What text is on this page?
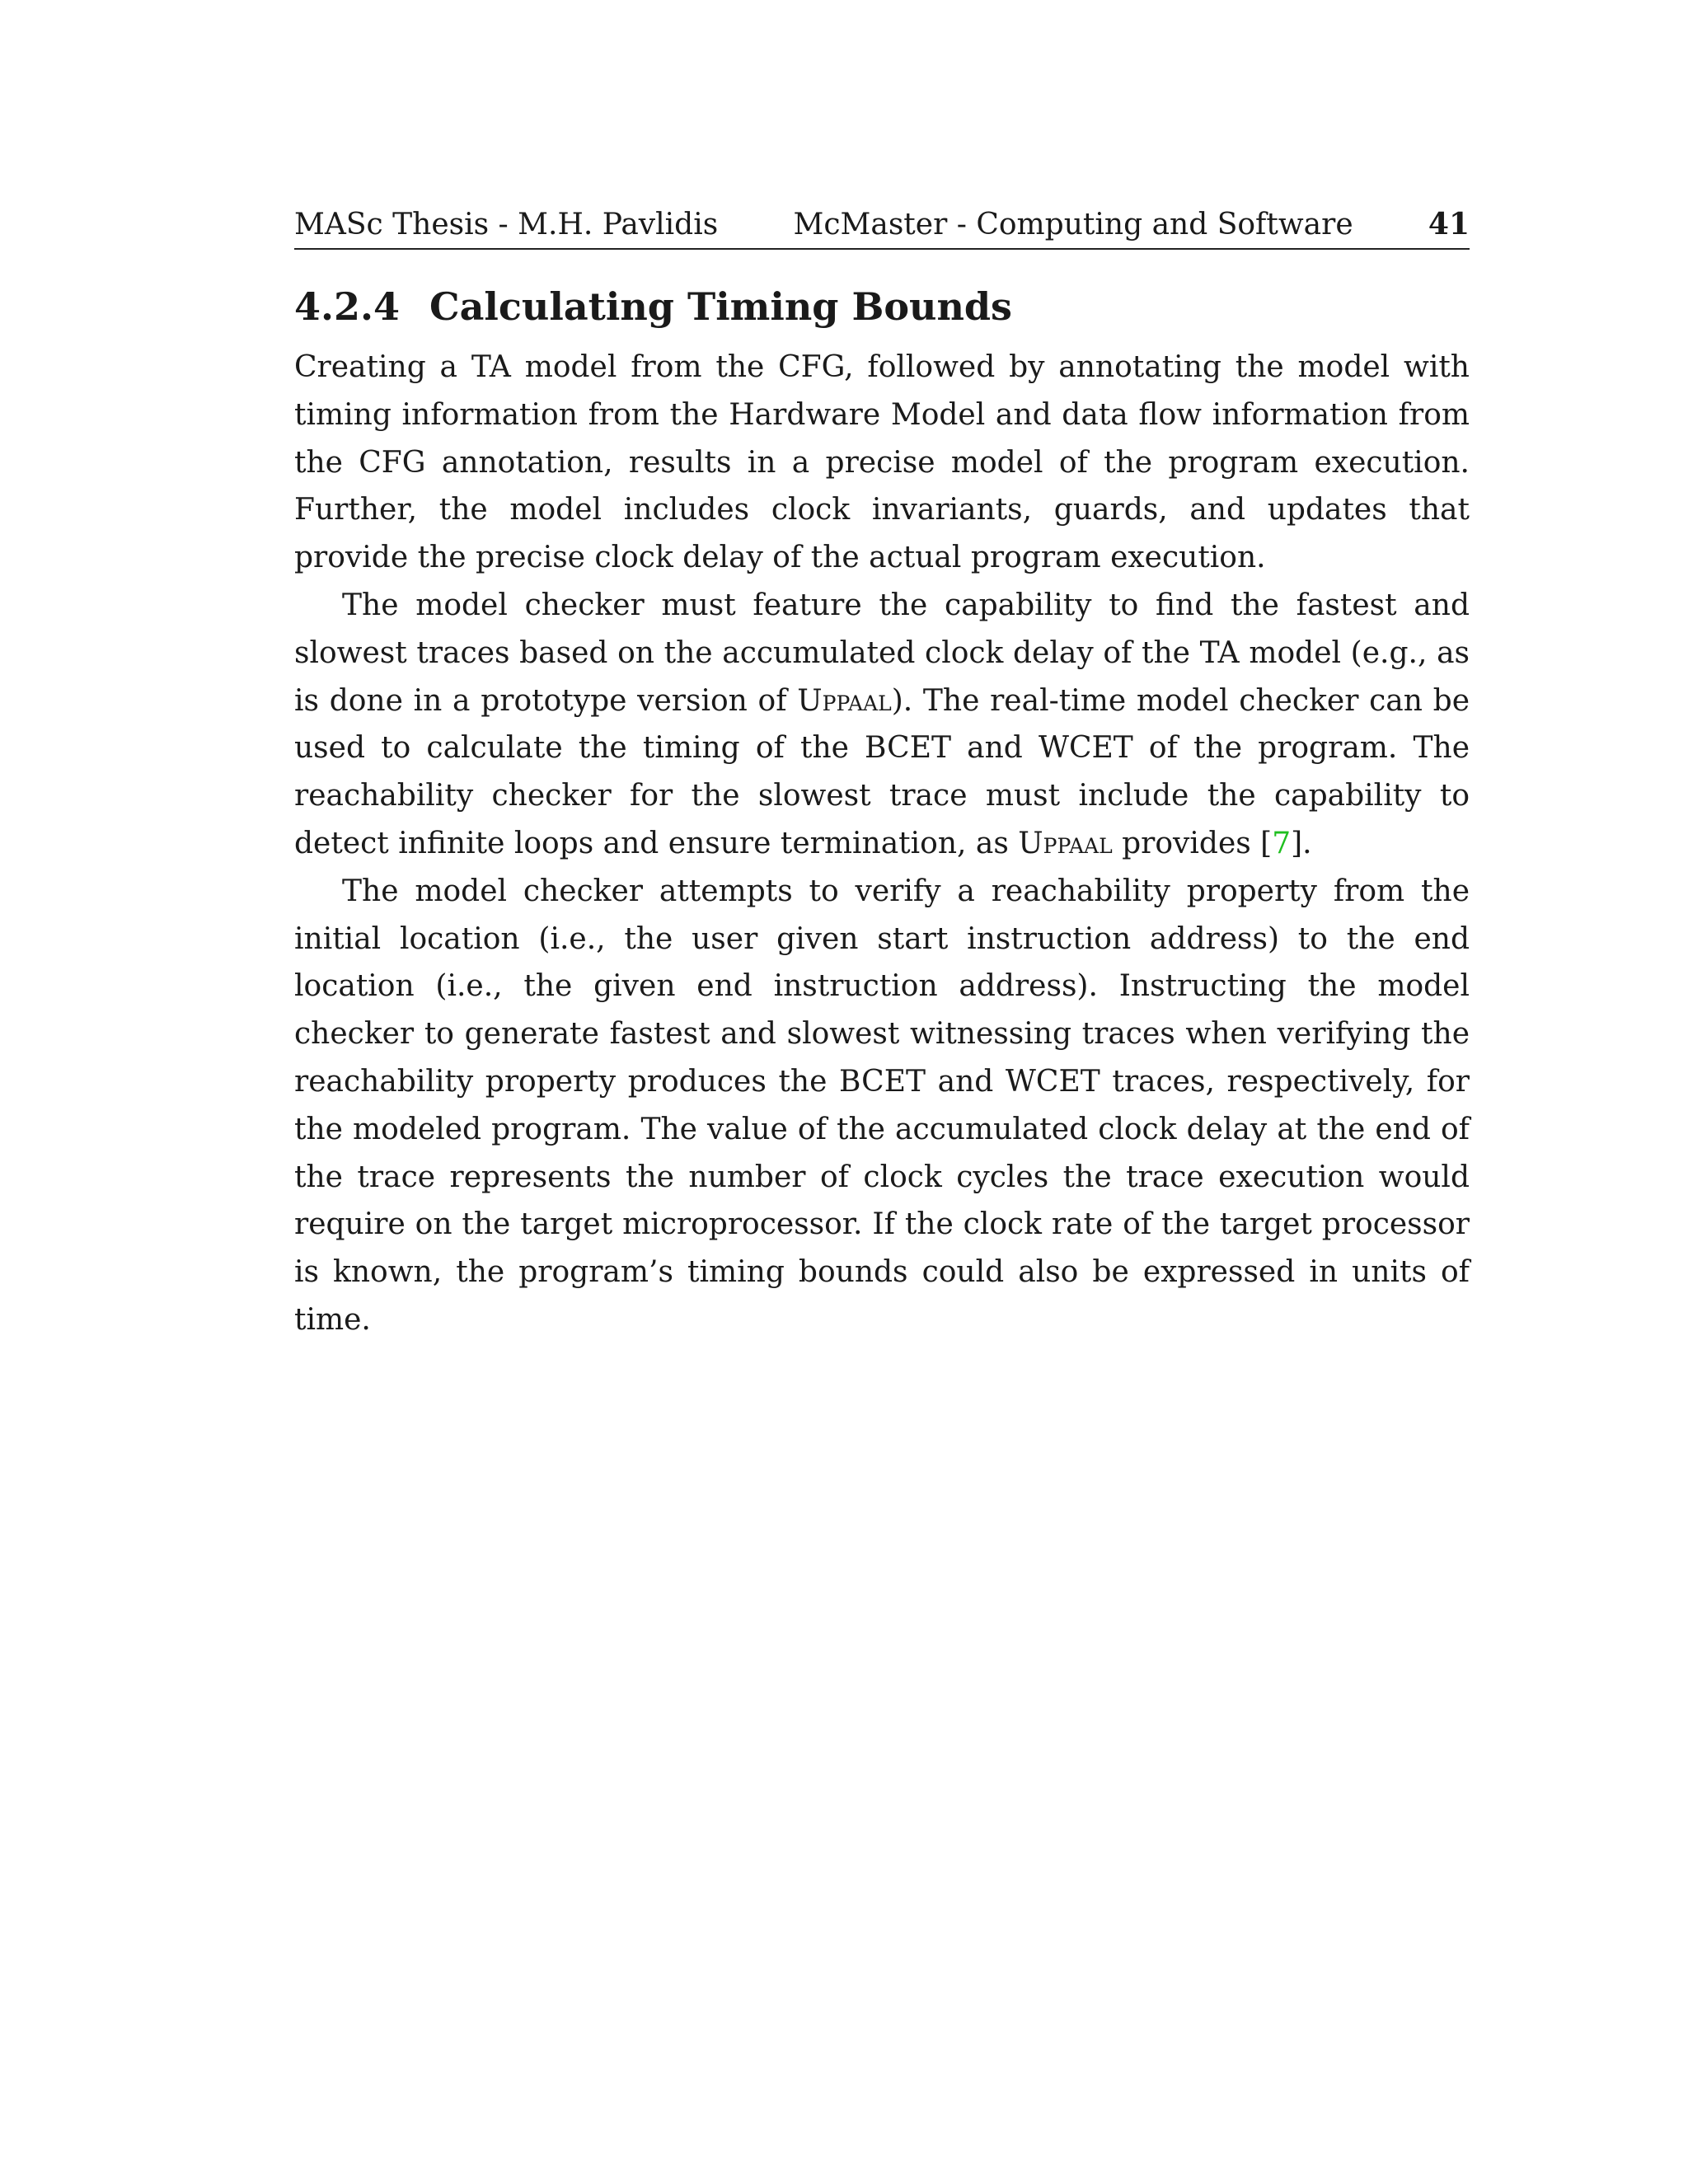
MASc Thesis - M.H. Pavlidis	McMaster - Computing and Software	41
4.2.4 Calculating Timing Bounds

Creating a TA model from the CFG, followed by annotating the model with timing information from the Hardware Model and data flow information from the CFG annotation, results in a precise model of the program execution. Further, the model includes clock invariants, guards, and updates that provide the precise clock delay of the actual program execution.

The model checker must feature the capability to find the fastest and slowest traces based on the accumulated clock delay of the TA model (e.g., as is done in a prototype version of Uppaal). The real-time model checker can be used to calculate the timing of the BCET and WCET of the program. The reachability checker for the slowest trace must include the capability to detect infinite loops and ensure termination, as Uppaal provides [7].

The model checker attempts to verify a reachability property from the initial location (i.e., the user given start instruction address) to the end location (i.e., the given end instruction address). Instructing the model checker to generate fastest and slowest witnessing traces when verifying the reachability property produces the BCET and WCET traces, respectively, for the modeled program. The value of the accumulated clock delay at the end of the trace represents the number of clock cycles the trace execution would require on the target microprocessor. If the clock rate of the target processor is known, the program’s timing bounds could also be expressed in units of time.
